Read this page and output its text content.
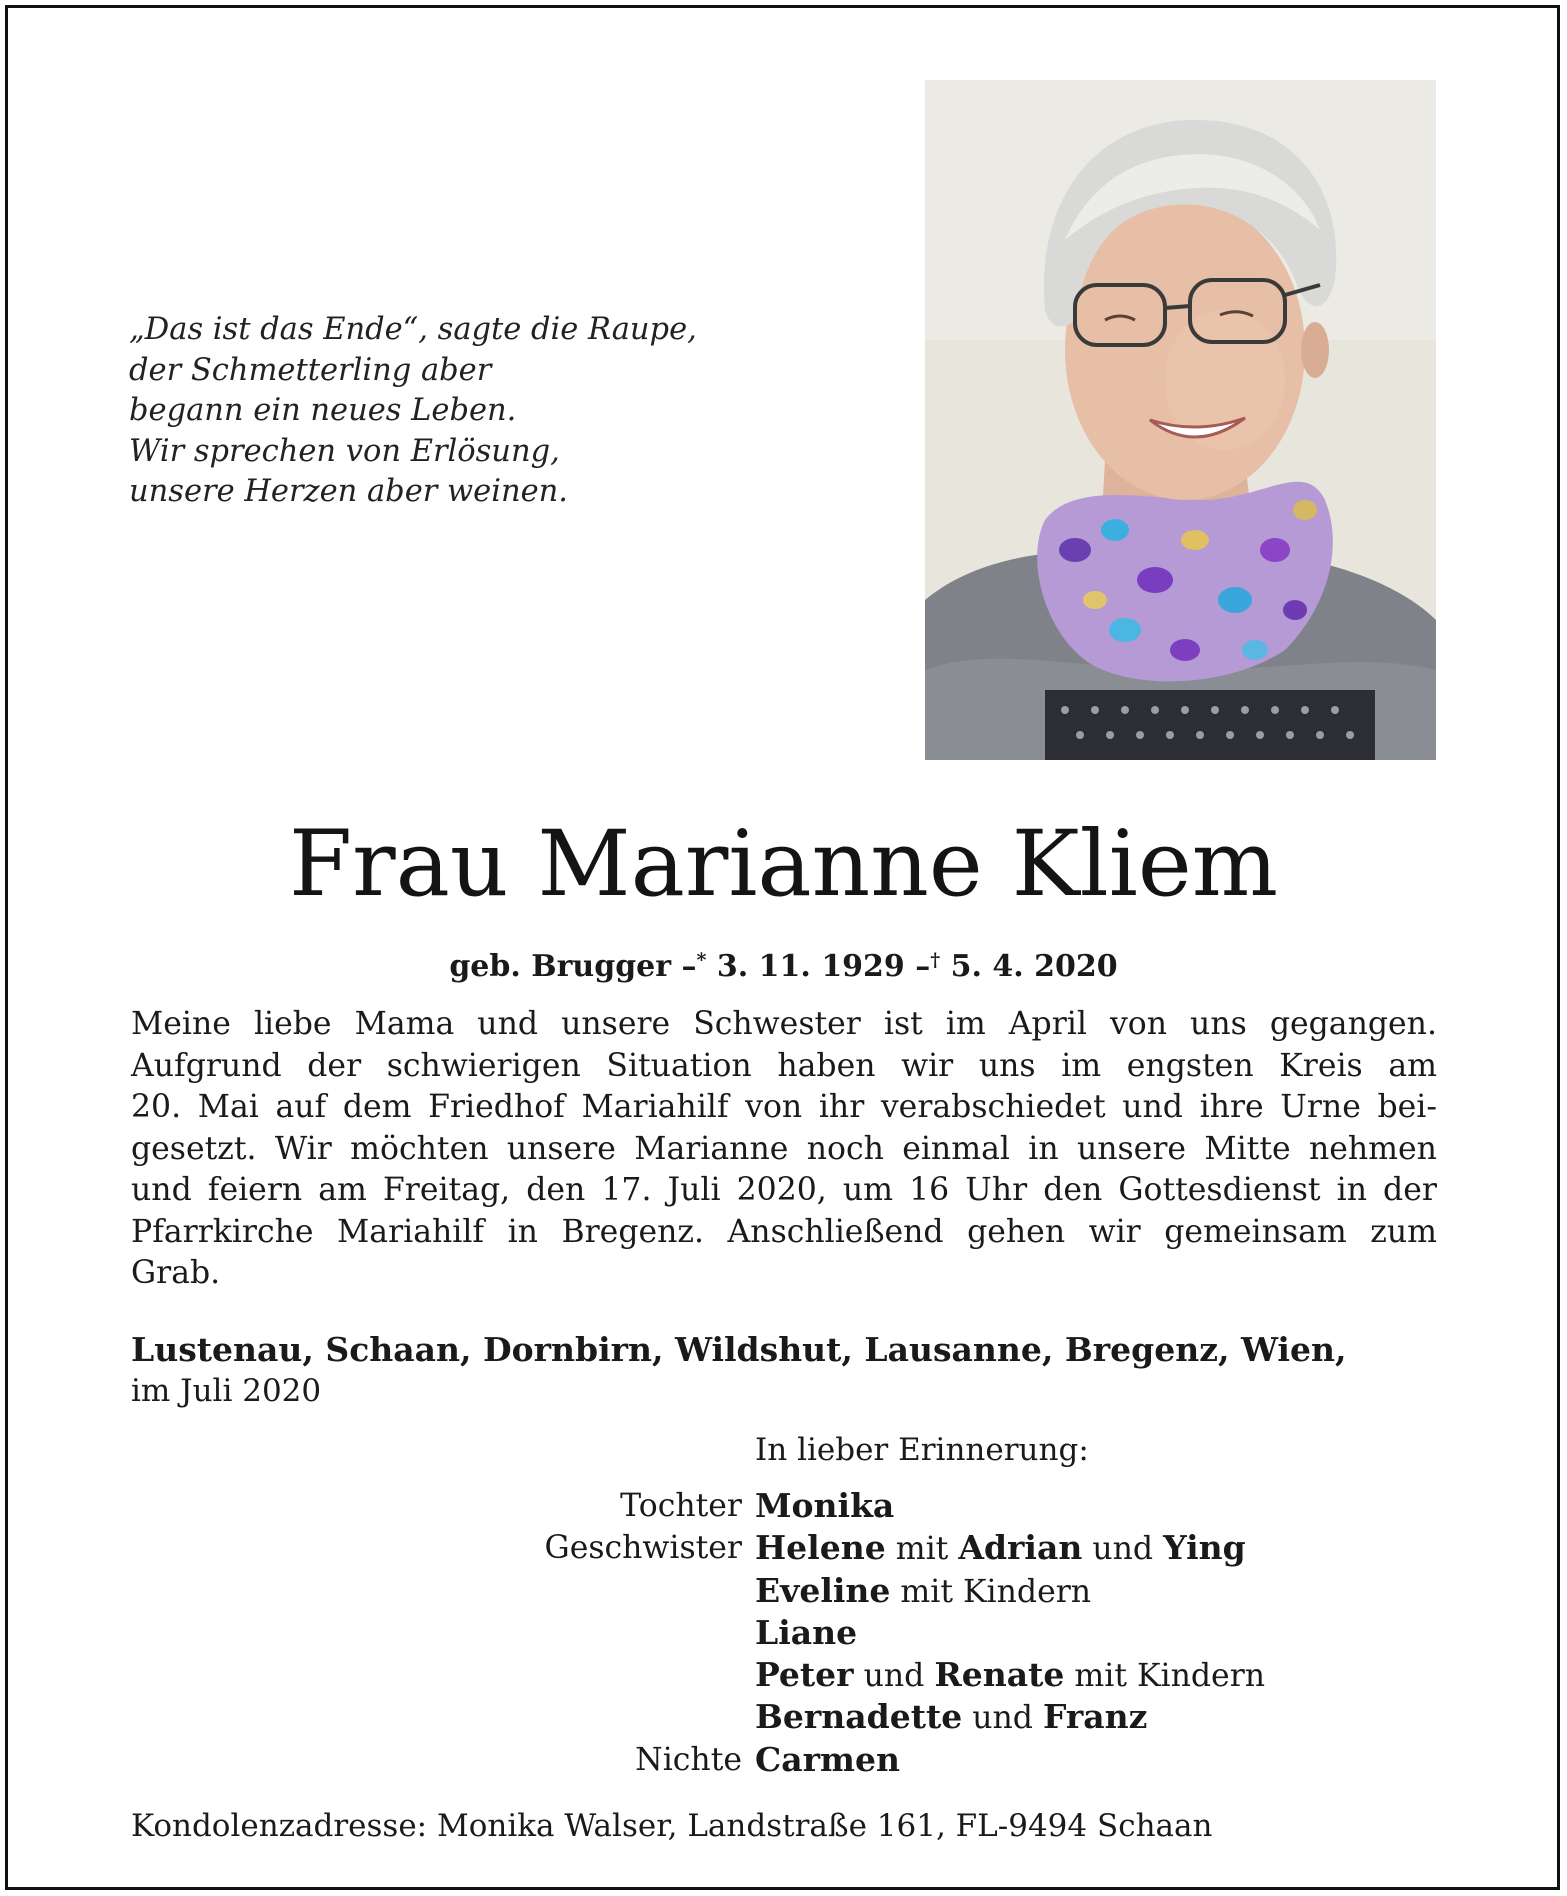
„Das ist das Ende“, sagte die Raupe,
der Schmetterling aber
begann ein neues Leben.
Wir sprechen von Erlösung,
unsere Herzen aber weinen.
Frau Marianne Kliem
geb. Brugger –* 3. 11. 1929 –† 5. 4. 2020
Meine liebe Mama und unsere Schwester ist im April von uns gegangen.
Aufgrund der schwierigen Situation haben wir uns im engsten Kreis am
20. Mai auf dem Friedhof Mariahilf von ihr verabschiedet und ihre Urne bei-
gesetzt. Wir möchten unsere Marianne noch einmal in unsere Mitte nehmen
und feiern am Freitag, den 17. Juli 2020, um 16 Uhr den Gottesdienst in der
Pfarrkirche Mariahilf in Bregenz. Anschließend gehen wir gemeinsam zum
Grab.
Lustenau, Schaan, Dornbirn, Wildshut, Lausanne, Bregenz, Wien,
im Juli 2020
In lieber Erinnerung:
Tochter Monika
Geschwister Helene mit Adrian und Ying
Eveline mit Kindern
Liane
Peter und Renate mit Kindern
Bernadette und Franz
Nichte Carmen
Kondolenzadresse: Monika Walser, Landstraße 161, FL-9494 Schaan
